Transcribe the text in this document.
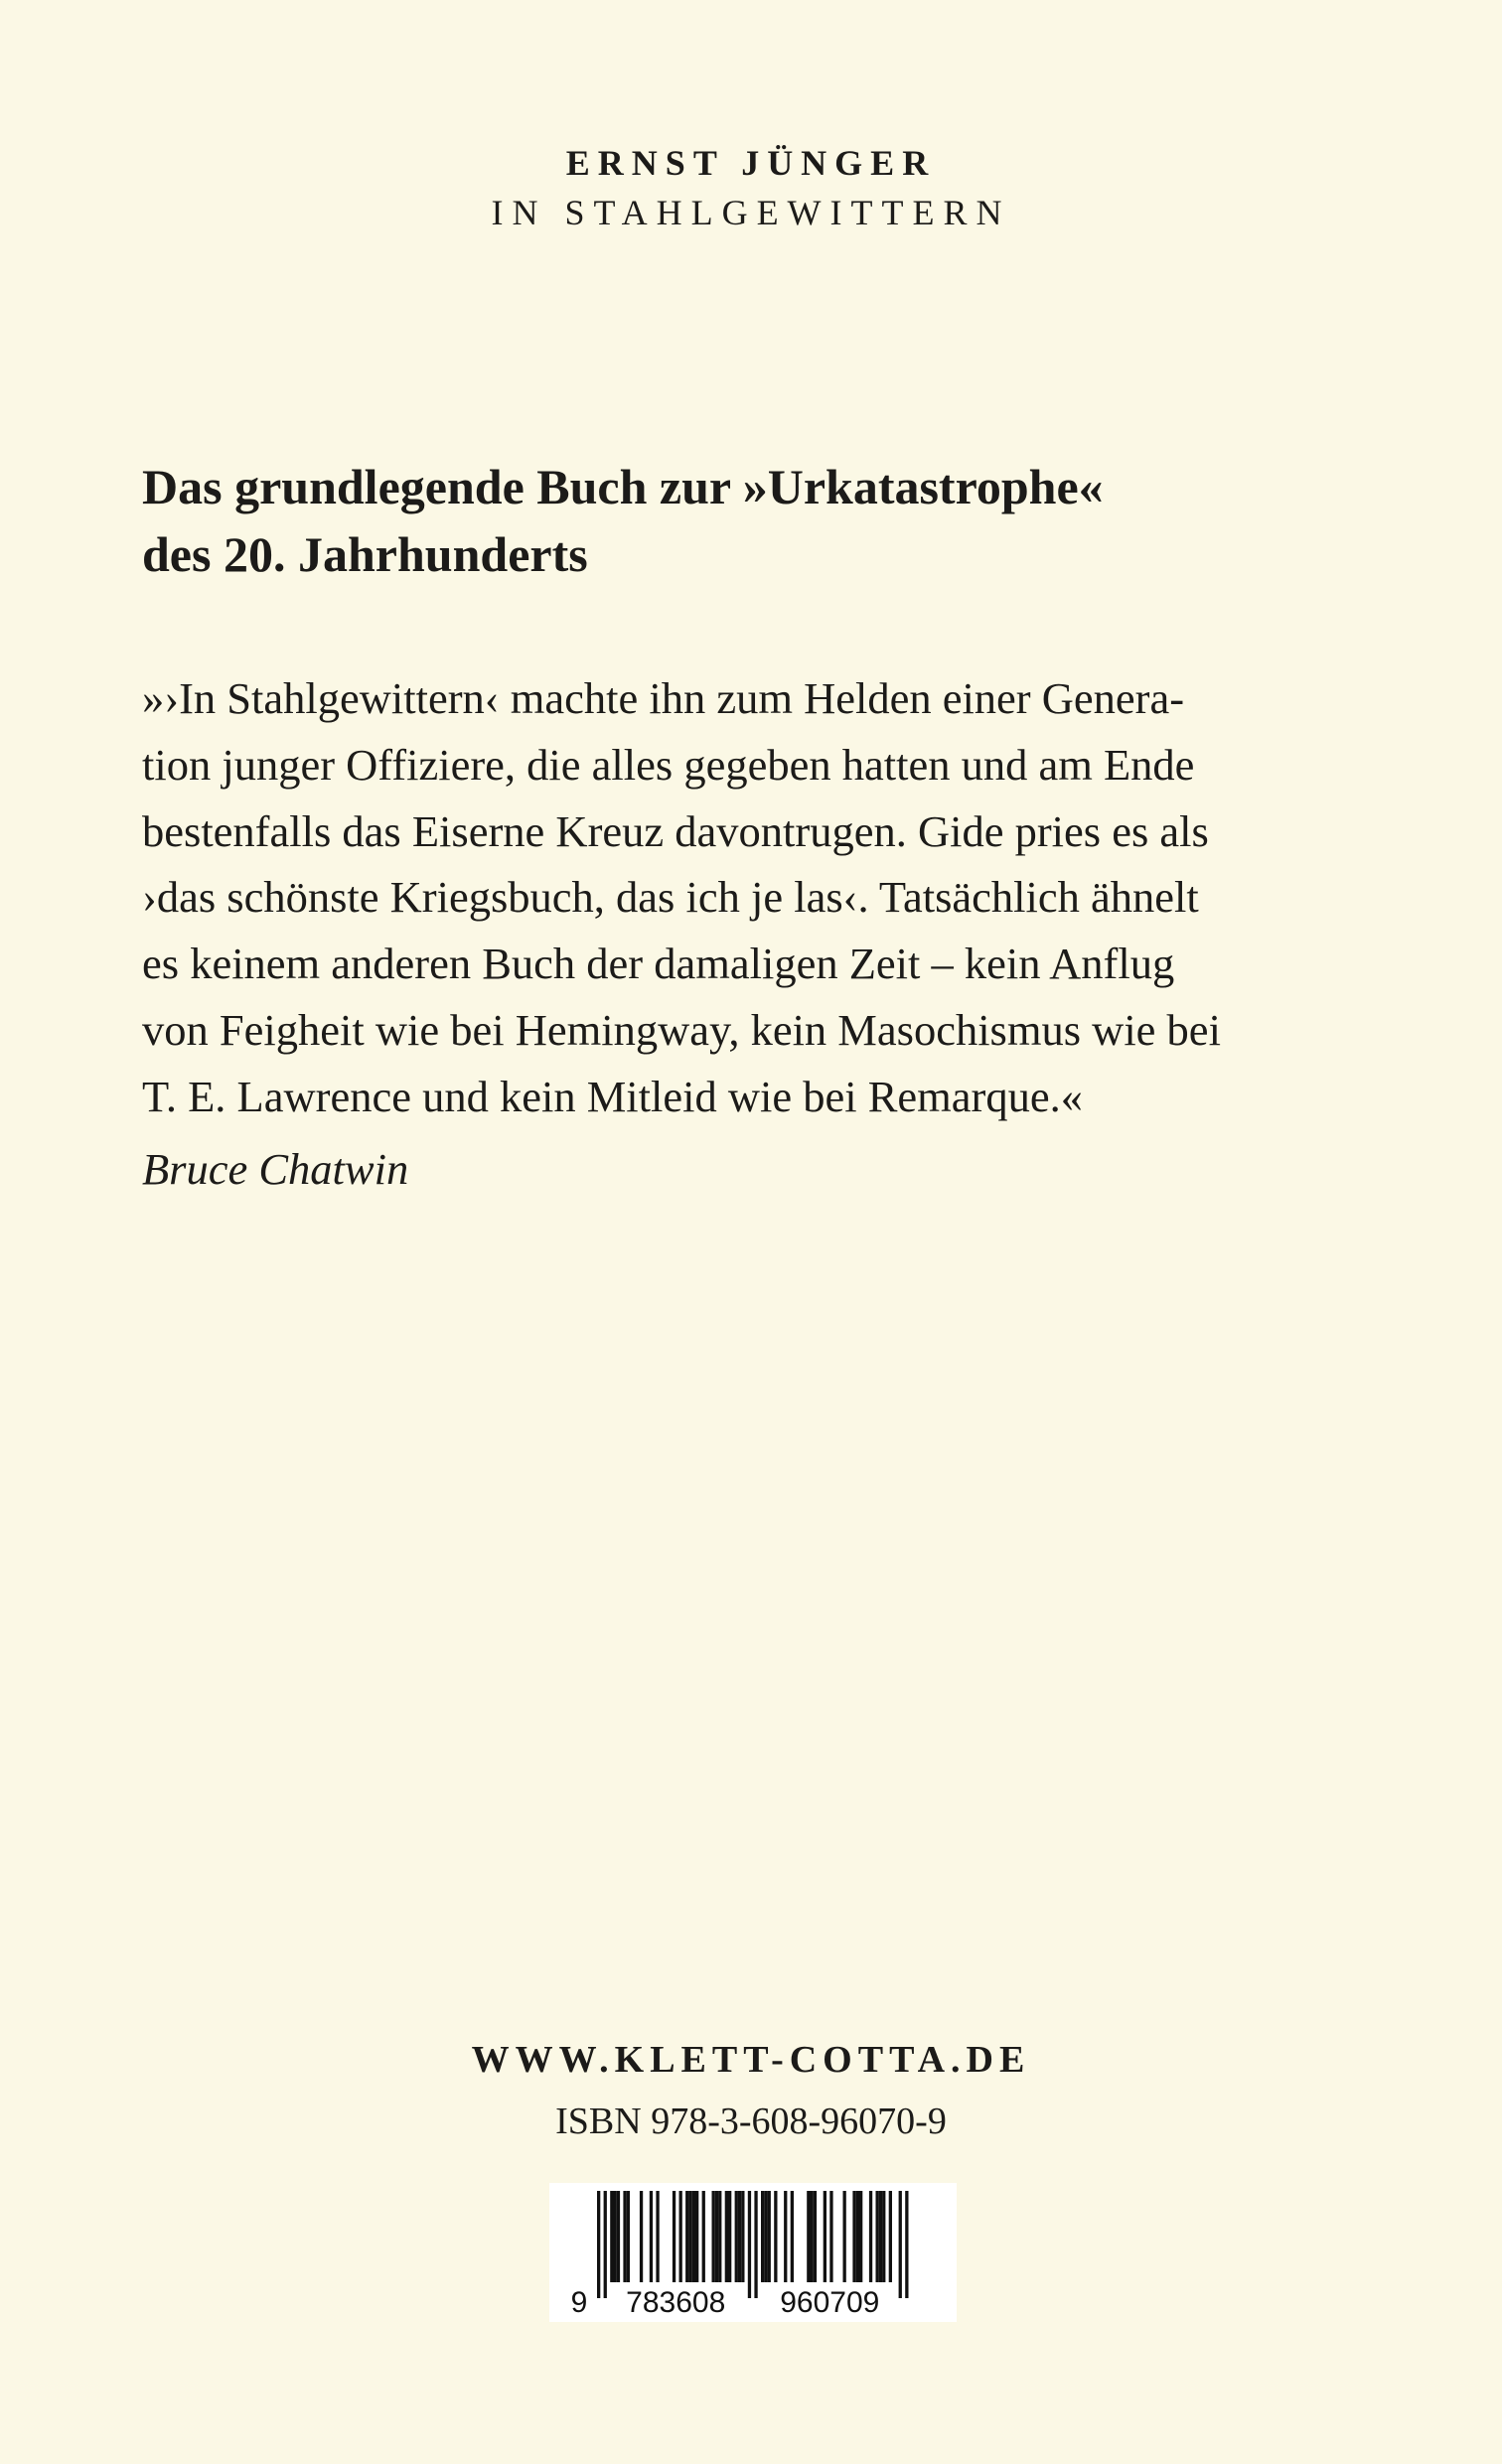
ERNST JÜNGER

IN STAHLGEWITTERN

Das grundlegende Buch zur »Urkatastrophe«
des 20. Jahrhunderts
»›In Stahlgewittern‹ machte ihn zum Helden einer Genera-
tion junger Offiziere, die alles gegeben hatten und am Ende
bestenfalls das Eiserne Kreuz davontrugen. Gide pries es als
›das schönste Kriegsbuch, das ich je las‹. Tatsächlich ähnelt
es keinem anderen Buch der damaligen Zeit – kein Anflug
von Feigheit wie bei Hemingway, kein Masochismus wie bei
T. E. Lawrence und kein Mitleid wie bei Remarque.«
Bruce Chatwin

WWW.KLETT-COTTA.DE

ISBN 978-3-608-96070-9

9 783608 960709
